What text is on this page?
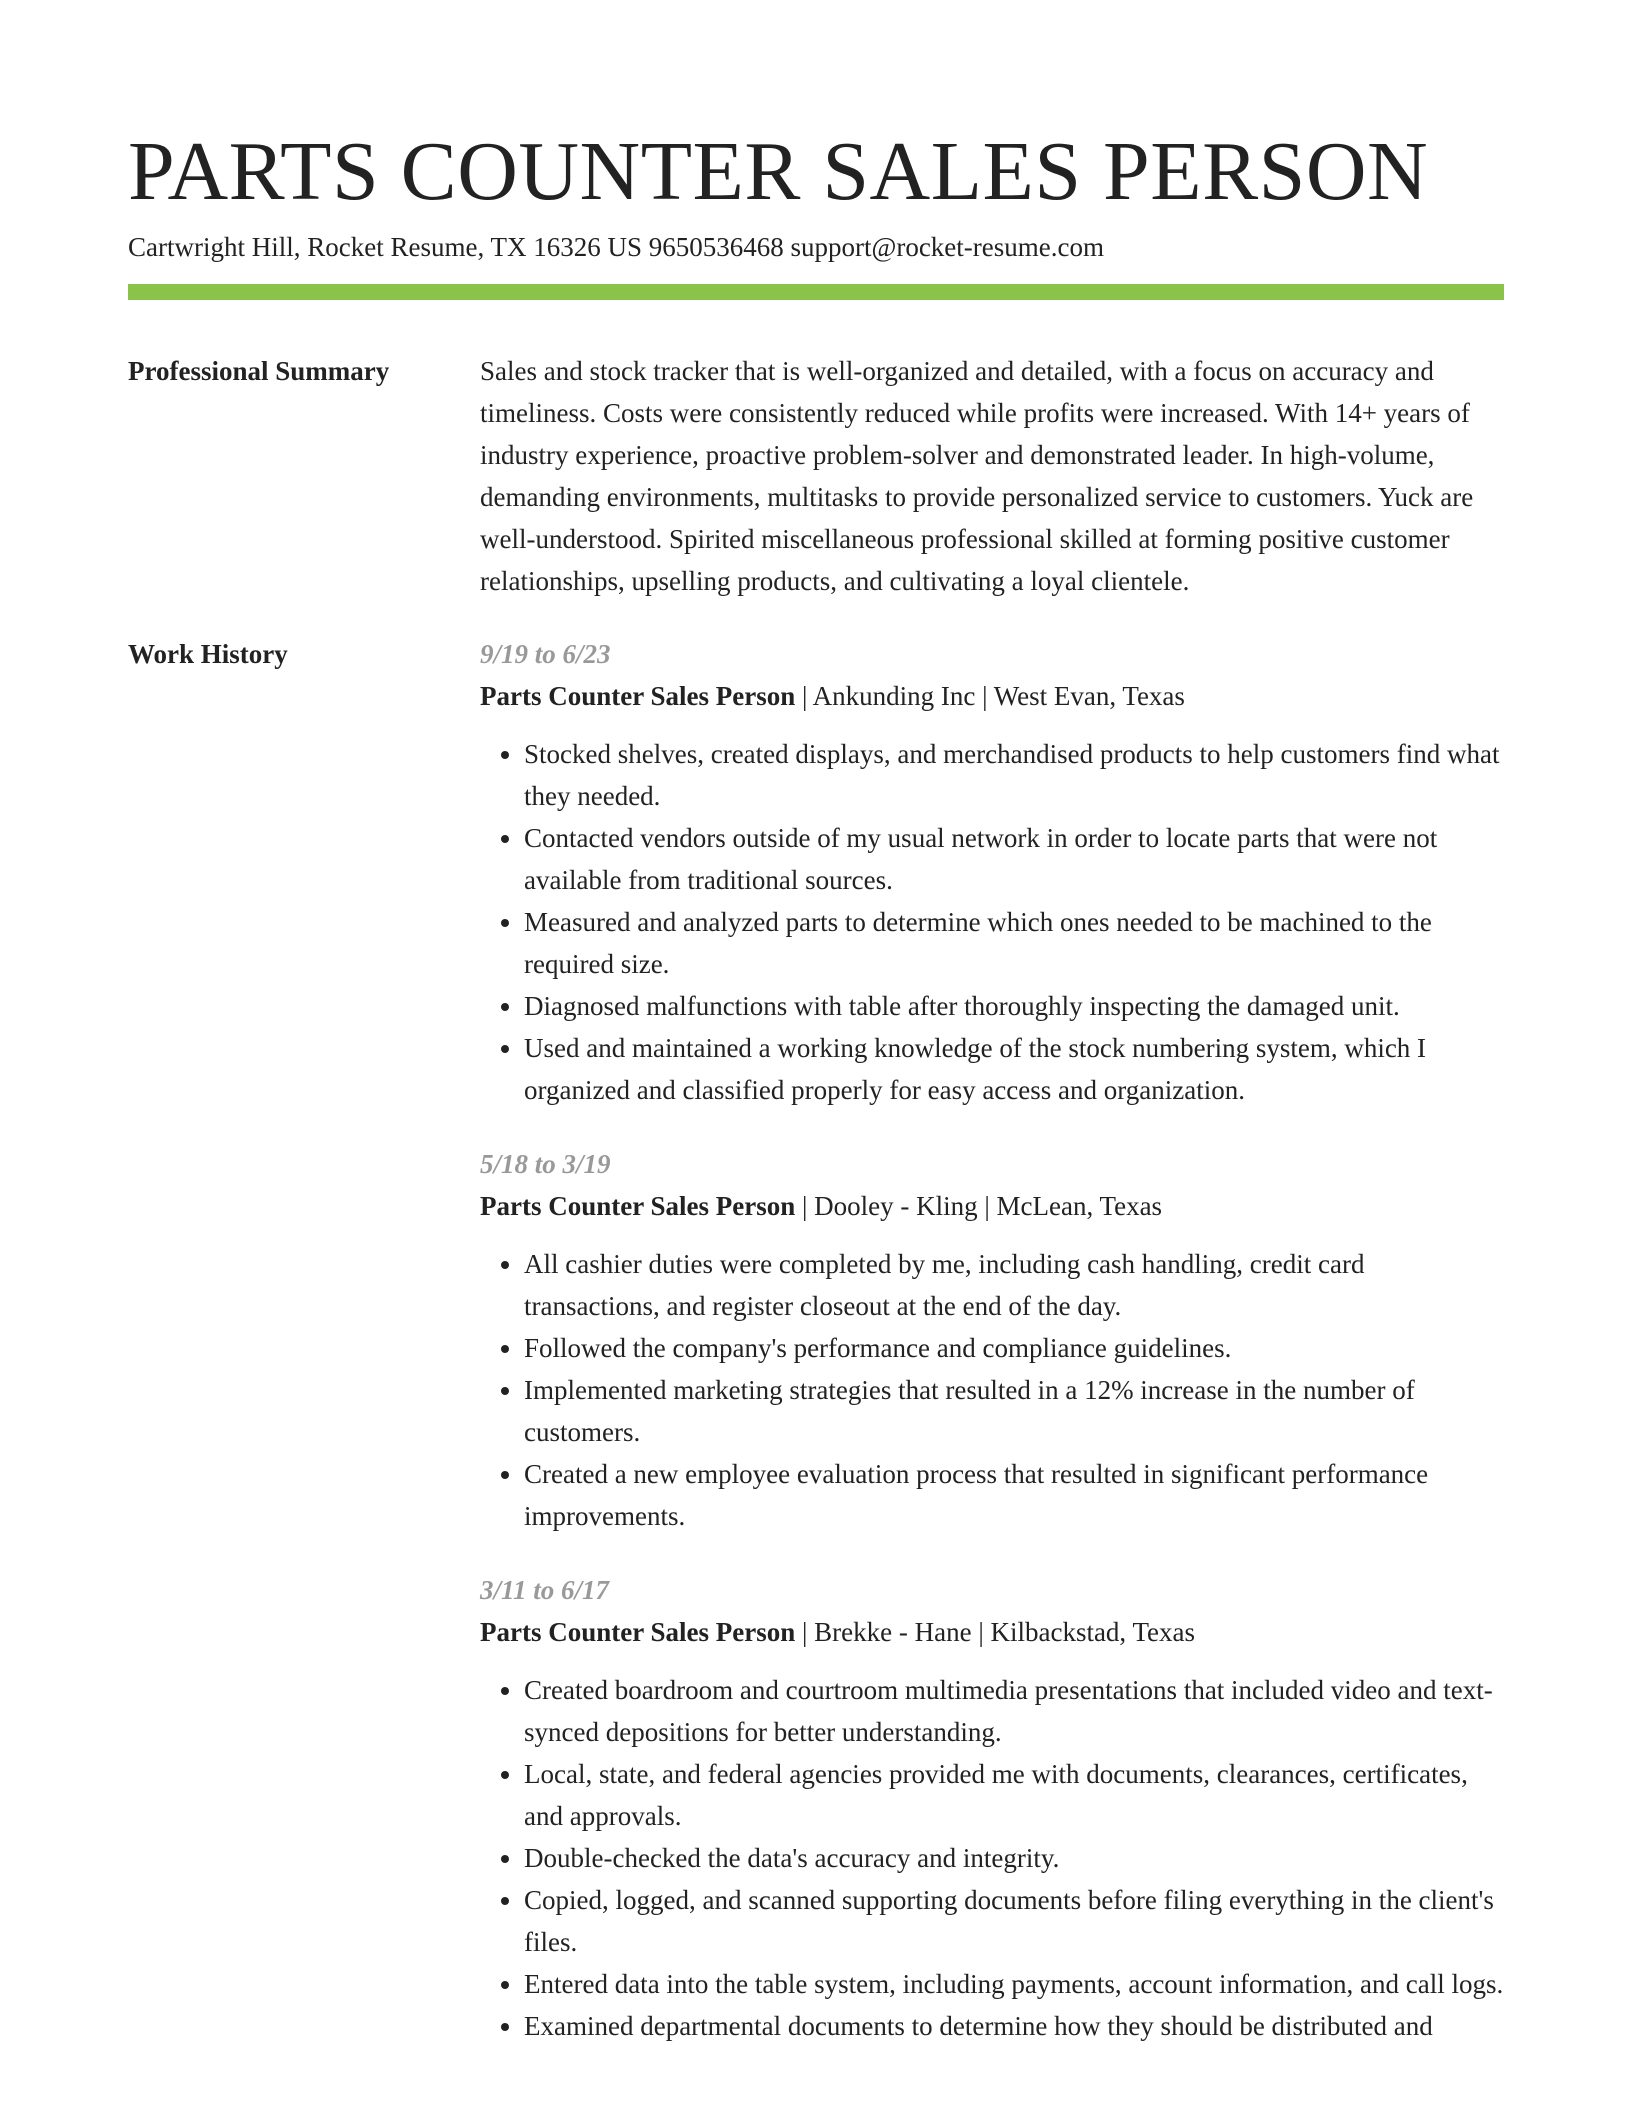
PARTS COUNTER SALES PERSON
Cartwright Hill, Rocket Resume, TX 16326 US 9650536468 support@rocket-resume.com
Professional Summary	Sales and stock tracker that is well-organized and detailed, with a focus on accuracy and timeliness. Costs were consistently reduced while profits were increased. With 14+ years of industry experience, proactive problem-solver and demonstrated leader. In high-volume, demanding environments, multitasks to provide personalized service to customers. Yuck are well-understood. Spirited miscellaneous professional skilled at forming positive customer relationships, upselling products, and cultivating a loyal clientele.

Work History	9/19 to 6/23
Parts Counter Sales Person | Ankunding Inc | West Evan, Texas
• Stocked shelves, created displays, and merchandised products to help customers find what they needed.
• Contacted vendors outside of my usual network in order to locate parts that were not available from traditional sources.
• Measured and analyzed parts to determine which ones needed to be machined to the required size.
• Diagnosed malfunctions with table after thoroughly inspecting the damaged unit.
• Used and maintained a working knowledge of the stock numbering system, which I organized and classified properly for easy access and organization.
5/18 to 3/19
Parts Counter Sales Person | Dooley - Kling | McLean, Texas
• All cashier duties were completed by me, including cash handling, credit card transactions, and register closeout at the end of the day.
• Followed the company's performance and compliance guidelines.
• Implemented marketing strategies that resulted in a 12% increase in the number of customers.
• Created a new employee evaluation process that resulted in significant performance improvements.
3/11 to 6/17
Parts Counter Sales Person | Brekke - Hane | Kilbackstad, Texas
• Created boardroom and courtroom multimedia presentations that included video and text-synced depositions for better understanding.
• Local, state, and federal agencies provided me with documents, clearances, certificates, and approvals.
• Double-checked the data's accuracy and integrity.
• Copied, logged, and scanned supporting documents before filing everything in the client's files.
• Entered data into the table system, including payments, account information, and call logs.
• Examined departmental documents to determine how they should be distributed and
